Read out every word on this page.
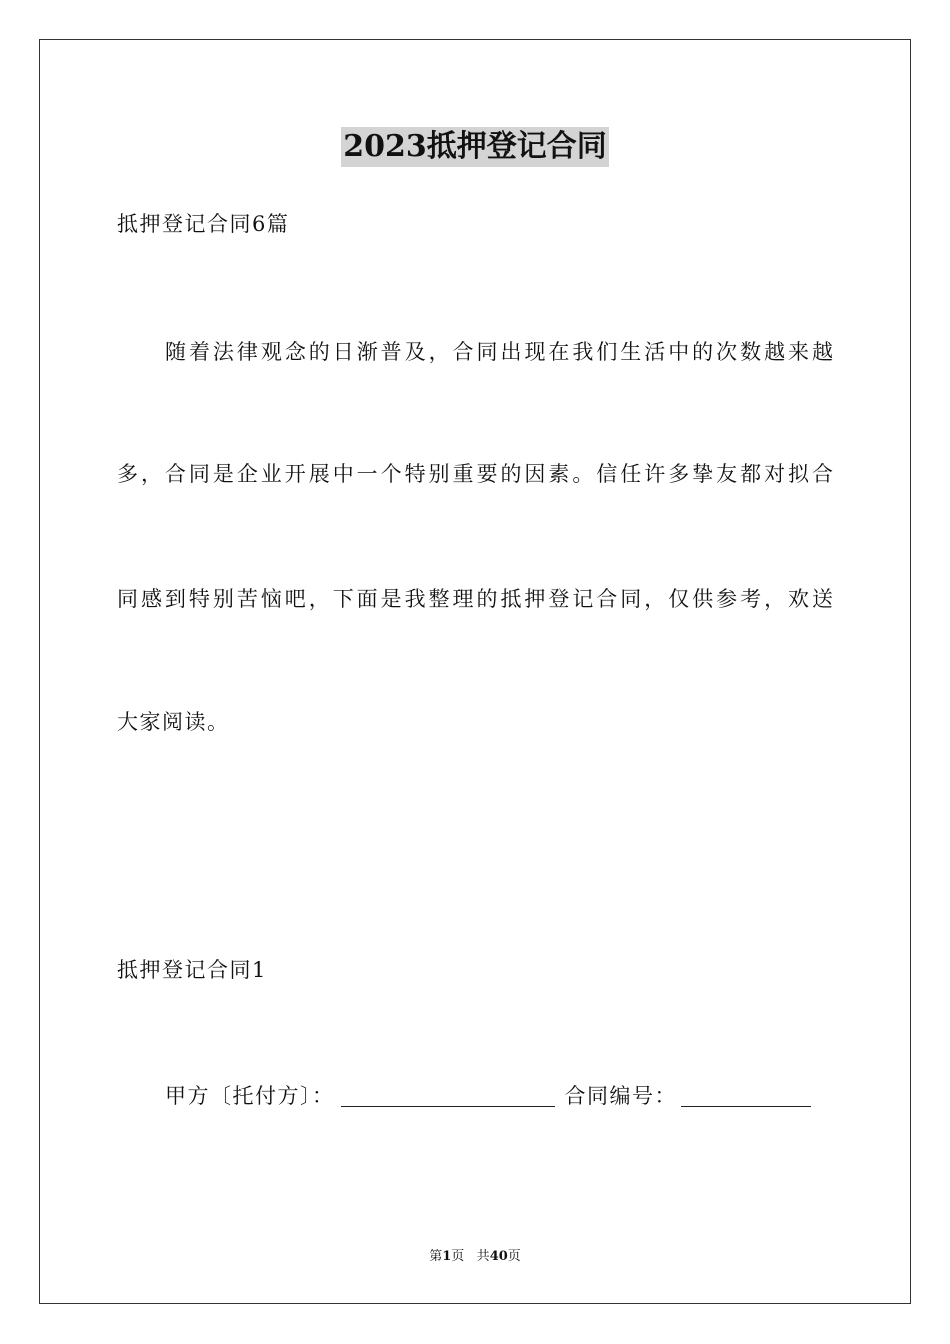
2023抵押登记合同
抵押登记合同6篇
随着法律观念的日渐普及，合同出现在我们生活中的次数越来越
多，合同是企业开展中一个特别重要的因素。信任许多挚友都对拟合
同感到特别苦恼吧，下面是我整理的抵押登记合同，仅供参考，欢送
大家阅读。
抵押登记合同1
甲方〔托付方〕：	合同编号：
第1页 共40页
